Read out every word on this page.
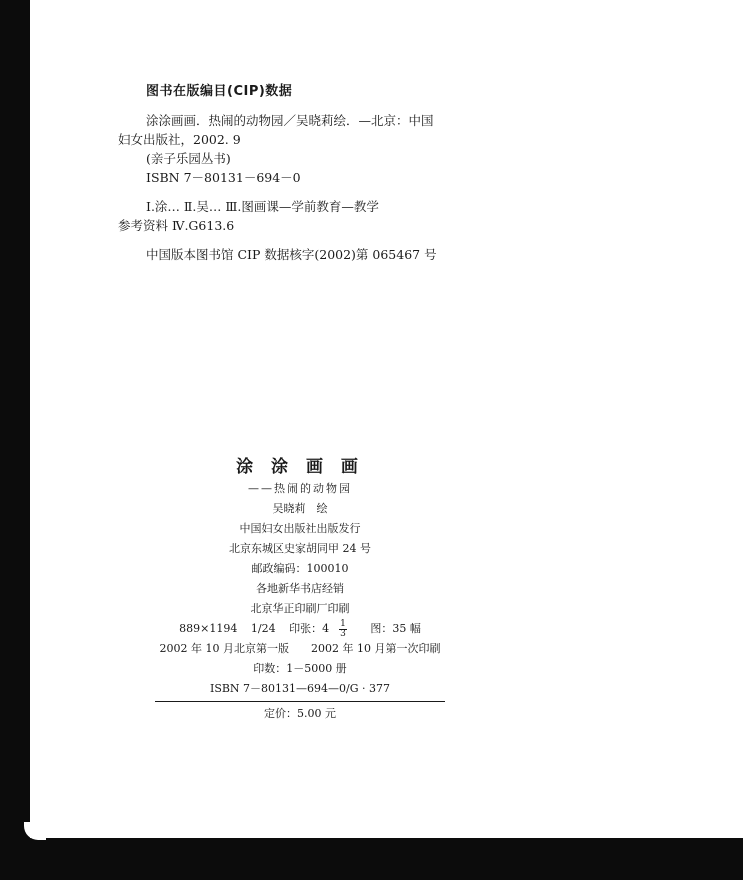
图书在版编目(CIP)数据

涂涂画画．热闹的动物园／吴晓莉绘．—北京：中国

妇女出版社，2002. 9

(亲子乐园丛书)

ISBN 7－80131－694－0

Ⅰ.涂… Ⅱ.吴… Ⅲ.图画课—学前教育—教学

参考资料 Ⅳ.G613.6

中国版本图书馆 CIP 数据核字(2002)第 065467 号

涂 涂 画 画

——热闹的动物园

吴晓莉　绘

中国妇女出版社出版发行

北京东城区史家胡同甲 24 号

邮政编码：100010

各地新华书店经销

北京华正印刷厂印刷

889×1194 1/24 印张：$4 \frac{1}{3}$ 图：35 幅

2002 年 10 月北京第一版　　2002 年 10 月第一次印刷

印数：1－5000 册

ISBN 7－80131—694—0/G · 377

定价：5.00 元
